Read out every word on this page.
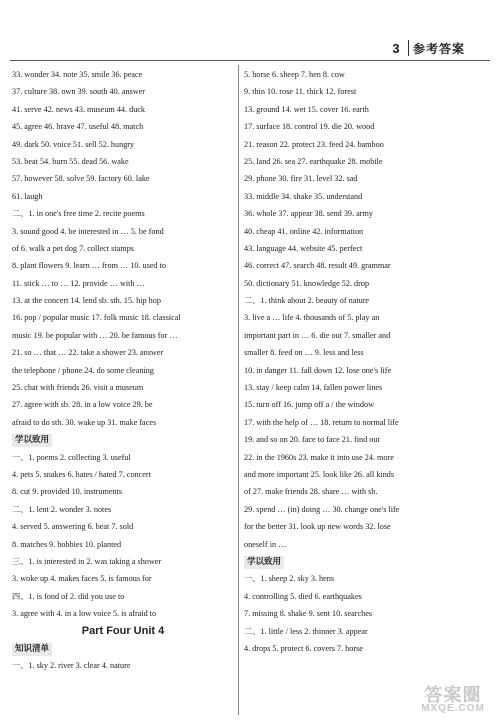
3	参考答案
33. wonder 34. note 35. smile 36. peace
37. culture 38. own 39. south 40. answer
41. serve 42. news 43. museum 44. duck
45. agree 46. brave 47. useful 48. match
49. dark 50. voice 51. sell 52. hungry
53. beat 54. burn 55. dead 56. wake
57. however 58. solve 59. factory 60. lake
61. laugh
二、1. in one's free time 2. recite poems
3. sound good 4. be interested in … 5. be fond
of 6. walk a pet dog 7. collect stamps
8. plant flowers 9. learn … from … 10. used to
11. stick … to … 12. provide … with …
13. at the concert 14. lend sb. sth. 15. hip hop
16. pop / popular music 17. folk music 18. classical
music 19. be popular with … 20. be famous for …
21. so … that … 22. take a shower 23. answer
the telephone / phone 24. do some cleaning
25. chat with friends 26. visit a museum
27. agree with sb. 28. in a low voice 29. be
afraid to do sth. 30. wake up 31. make faces
学以致用
一、1. poems 2. collecting 3. useful
4. pets 5. snakes 6. hates / hated 7. concert
8. cut 9. provided 10. instruments
二、1. lent 2. wonder 3. notes
4. served 5. answering 6. beat 7. sold
8. matches 9. hobbies 10. planted
三、1. is interested in 2. was taking a shower
3. woke up 4. makes faces 5. is famous for
四、1. is fond of 2. did you use to
3. agree with 4. in a low voice 5. is afraid to
Part Four Unit 4
知识清单
一、1. sky 2. river 3. clear 4. nature
5. horse 6. sheep 7. hen 8. cow
9. thin 10. rose 11. thick 12. forest
13. ground 14. wet 15. cover 16. earth
17. surface 18. control 19. die 20. wood
21. reason 22. protect 23. feed 24. bamboo
25. land 26. sea 27. earthquake 28. mobile
29. phone 30. fire 31. level 32. sad
33. middle 34. shake 35. understand
36. whole 37. appear 38. send 39. army
40. cheap 41. online 42. information
43. language 44. website 45. perfect
46. correct 47. search 48. result 49. grammar
50. dictionary 51. knowledge 52. drop
二、1. think about 2. beauty of nature
3. live a … life 4. thousands of 5. play an
important part in … 6. die out 7. smaller and
smaller 8. feed on … 9. less and less
10. in danger 11. fall down 12. lose one's life
13. stay / keep calm 14. fallen power lines
15. turn off 16. jump off a / the window
17. with the help of … 18. return to normal life
19. and so on 20. face to face 21. find out
22. in the 1960s 23. make it into use 24. more
and more important 25. look like 26. all kinds
of 27. make friends 28. share … with sb.
29. spend … (in) doing … 30. change one's life
for the better 31. look up new words 32. lose
oneself in …
学以致用
一、1. sheep 2. sky 3. hens
4. controlling 5. died 6. earthquakes
7. missing 8. shake 9. sent 10. searches
二、1. little / less 2. thinner 3. appear
4. drops 5. protect 6. covers 7. horse
答案圈
MXQE.COM
